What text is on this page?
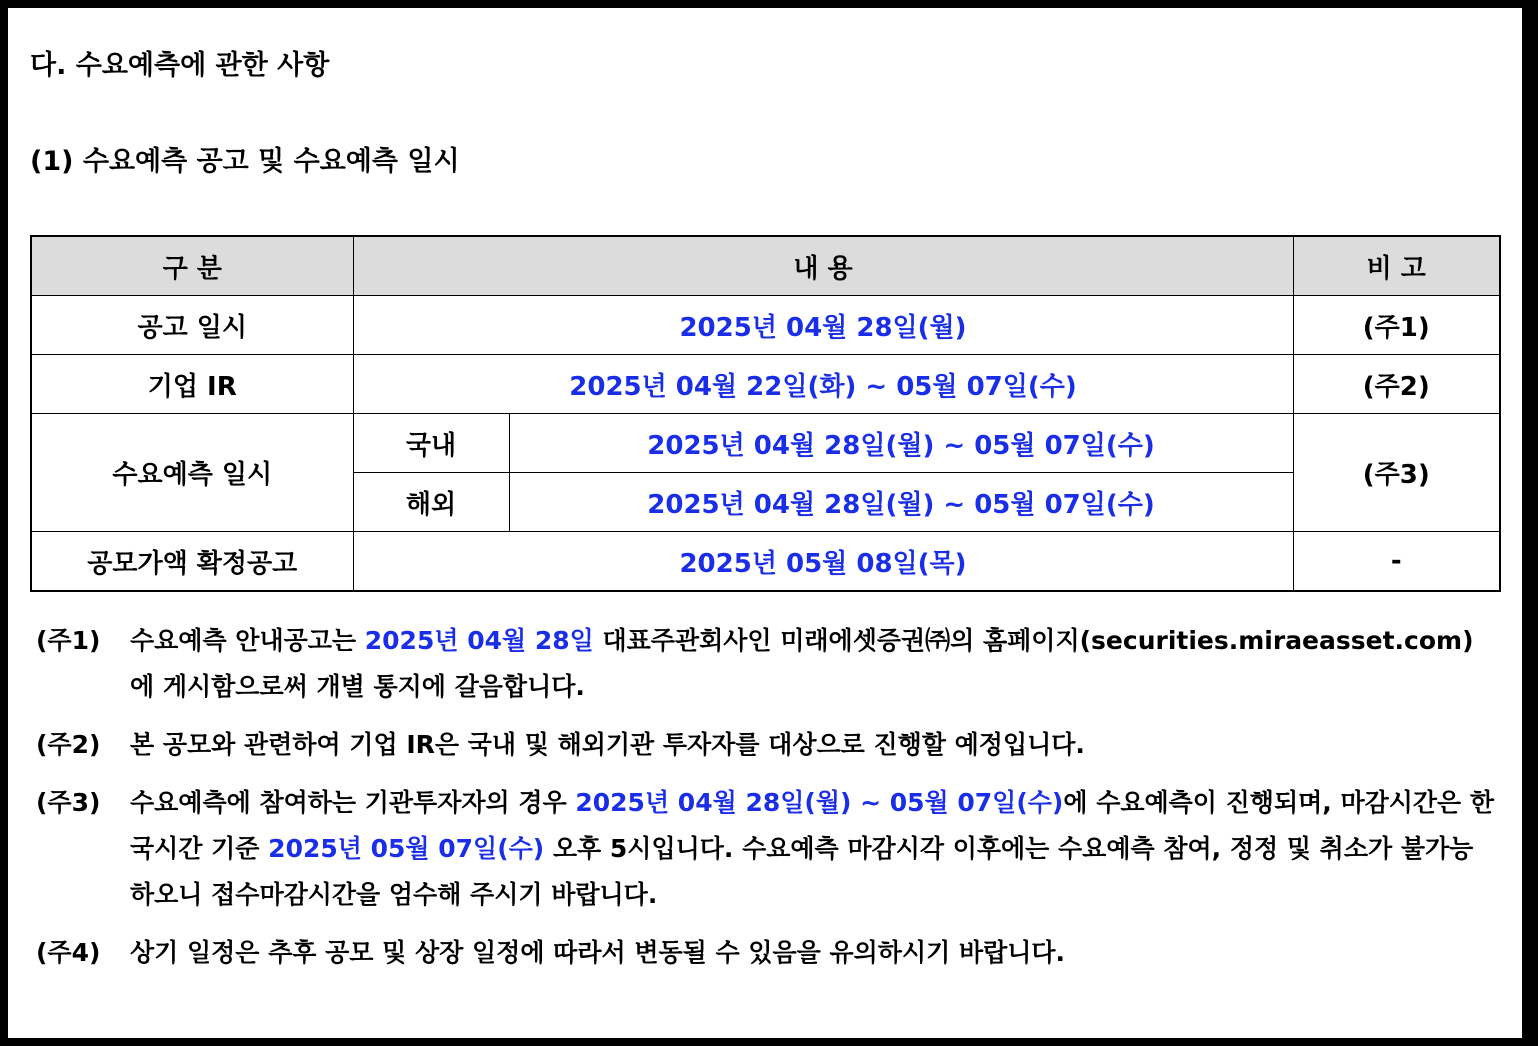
다. 수요예측에 관한 사항
(1) 수요예측 공고 및 수요예측 일시
구 분	내 용		비 고
공고 일시	2025년 04월 28일(월)		(주1)
기업 IR	2025년 04월 22일(화) ~ 05월 07일(수)		(주2)
수요예측 일시	국내	2025년 04월 28일(월) ~ 05월 07일(수)	(주3)
	해외	2025년 04월 28일(월) ~ 05월 07일(수)	
공모가액 확정공고	2025년 05월 08일(목)		-
(주1)	수요예측 안내공고는 2025년 04월 28일 대표주관회사인 미래에셋증권㈜의 홈페이지(securities.miraeasset.com)에 게시함으로써 개별 통지에 갈음합니다.
(주2)	본 공모와 관련하여 기업 IR은 국내 및 해외기관 투자자를 대상으로 진행할 예정입니다.
(주3)	수요예측에 참여하는 기관투자자의 경우 2025년 04월 28일(월) ~ 05월 07일(수)에 수요예측이 진행되며, 마감시간은 한국시간 기준 2025년 05월 07일(수) 오후 5시입니다. 수요예측 마감시각 이후에는 수요예측 참여, 정정 및 취소가 불가능하오니 접수마감시간을 엄수해 주시기 바랍니다.
(주4)	상기 일정은 추후 공모 및 상장 일정에 따라서 변동될 수 있음을 유의하시기 바랍니다.
